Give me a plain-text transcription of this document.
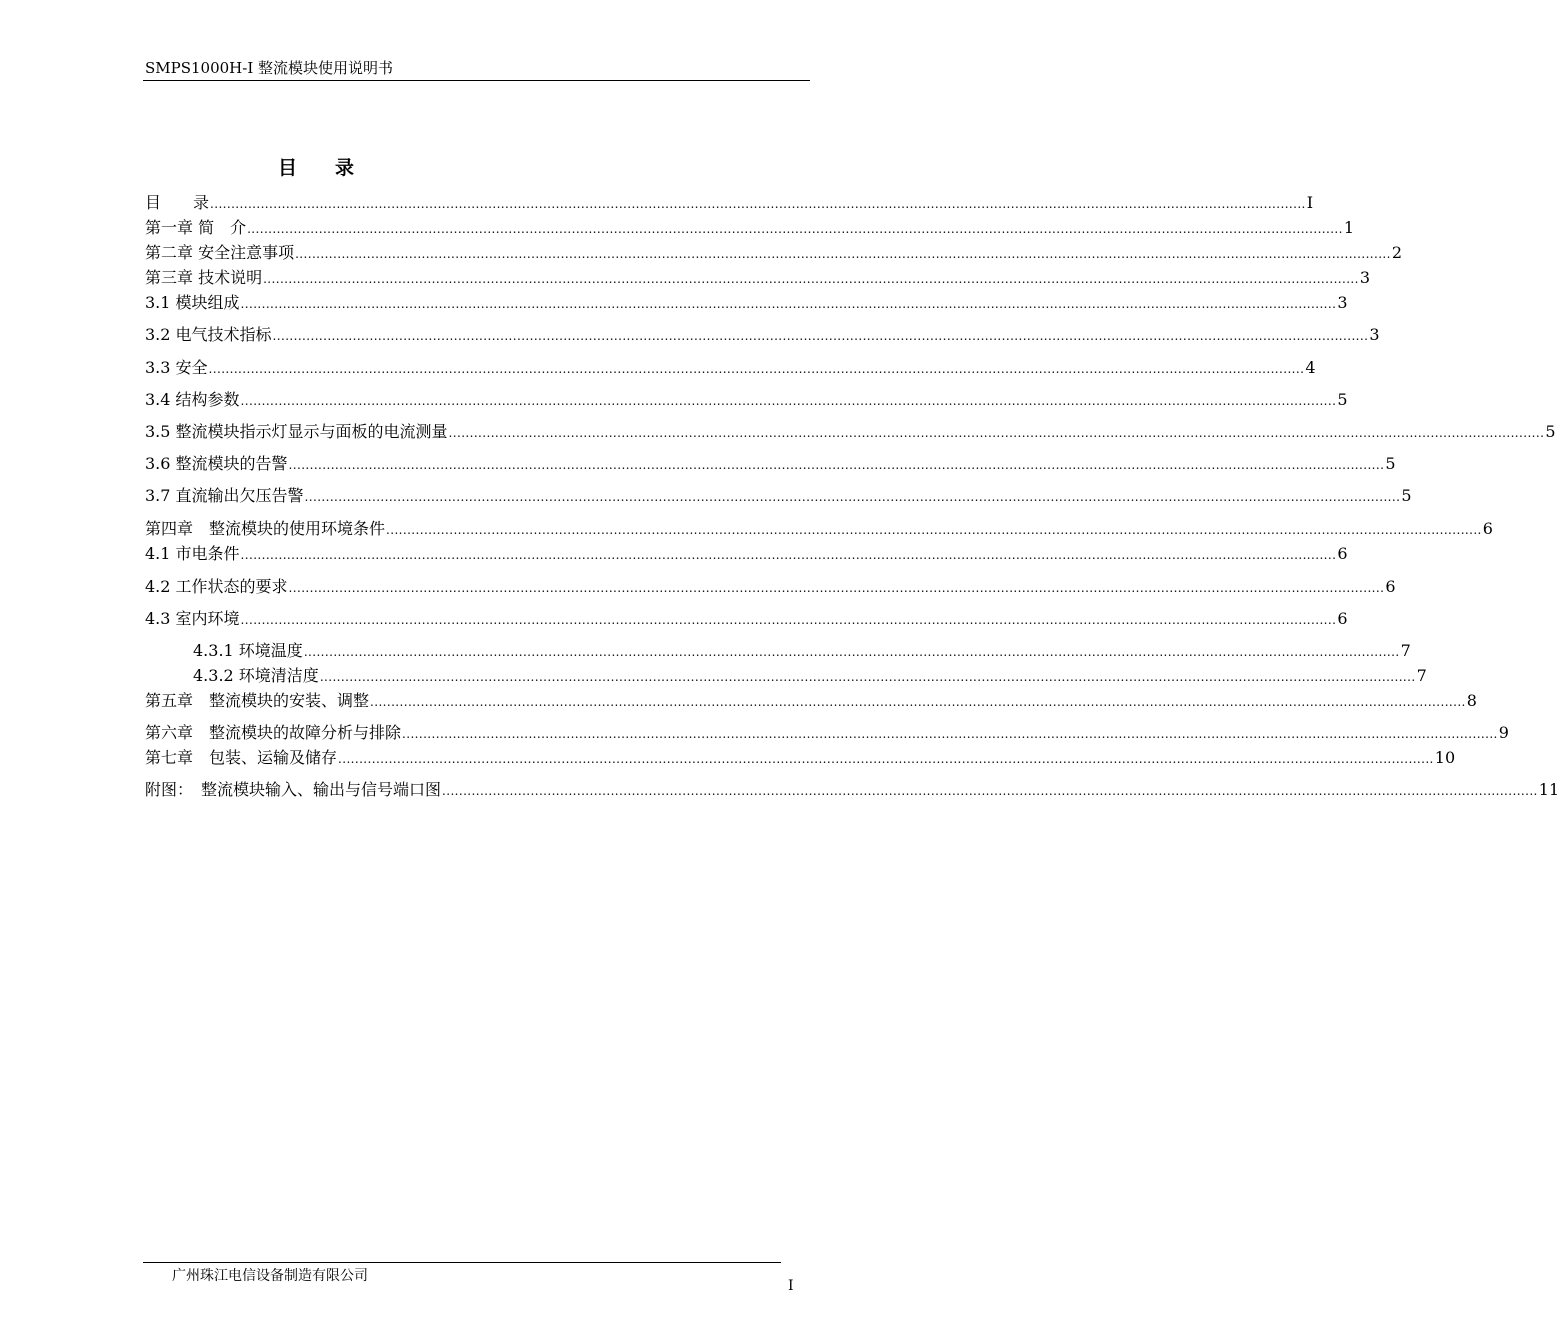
SMPS1000H-I 整流模块使用说明书
目录
目　　录 .................................................................................................................................................................................................................................................................... I
第一章 简　介 .................................................................................................................................................................................................................................................................... 1
第二章 安全注意事项 .................................................................................................................................................................................................................................................................... 2
第三章 技术说明 .................................................................................................................................................................................................................................................................... 3
3.1 模块组成 .................................................................................................................................................................................................................................................................... 3
3.2 电气技术指标 .................................................................................................................................................................................................................................................................... 3
3.3 安全 .................................................................................................................................................................................................................................................................... 4
3.4 结构参数 .................................................................................................................................................................................................................................................................... 5
3.5 整流模块指示灯显示与面板的电流测量 .................................................................................................................................................................................................................................................................... 5
3.6 整流模块的告警 .................................................................................................................................................................................................................................................................... 5
3.7 直流输出欠压告警 .................................................................................................................................................................................................................................................................... 5
第四章　整流模块的使用环境条件 .................................................................................................................................................................................................................................................................... 6
4.1 市电条件 .................................................................................................................................................................................................................................................................... 6
4.2 工作状态的要求 .................................................................................................................................................................................................................................................................... 6
4.3 室内环境 .................................................................................................................................................................................................................................................................... 6
4.3.1 环境温度 .................................................................................................................................................................................................................................................................... 7
4.3.2 环境清洁度 .................................................................................................................................................................................................................................................................... 7
第五章　整流模块的安装、调整 .................................................................................................................................................................................................................................................................... 8
第六章　整流模块的故障分析与排除 .................................................................................................................................................................................................................................................................... 9
第七章　包装、运输及储存 .................................................................................................................................................................................................................................................................... 10
附图：　整流模块输入、输出与信号端口图 .................................................................................................................................................................................................................................................................... 11
广州珠江电信设备制造有限公司
I
